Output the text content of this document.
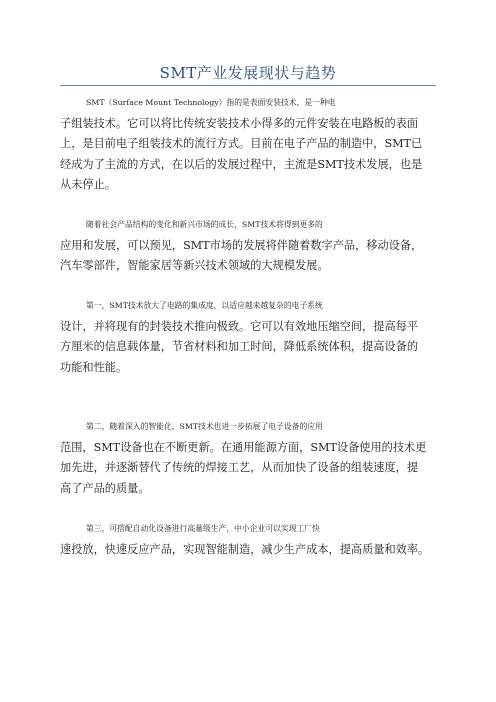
SMT产业发展现状与趋势
SMT（Surface Mount Technology）指的是表面安装技术，是一种电
子组装技术。它可以将比传统安装技术小得多的元件安装在电路板的表面
上，是目前电子组装技术的流行方式。目前在电子产品的制造中，SMT已
经成为了主流的方式，在以后的发展过程中，主流是SMT技术发展，也是
从未停止。
随着社会产品结构的变化和新兴市场的成长，SMT技术将得到更多的
应用和发展，可以预见，SMT市场的发展将伴随着数字产品，移动设备，
汽车零部件，智能家居等新兴技术领域的大规模发展。
第一，SMT技术放大了电路的集成度，以适应越来越复杂的电子系统
设计，并将现有的封装技术推向极致。它可以有效地压缩空间，提高每平
方厘米的信息载体量，节省材料和加工时间，降低系统体积，提高设备的
功能和性能。
第二，随着深入的智能化，SMT技术也进一步拓展了电子设备的应用
范围，SMT设备也在不断更新。在通用能源方面，SMT设备使用的技术更
加先进，并逐渐替代了传统的焊接工艺，从而加快了设备的组装速度，提
高了产品的质量。
第三，可搭配自动化设备进行高量级生产，中小企业可以实现工厂快
速投放，快速反应产品，实现智能制造，减少生产成本，提高质量和效率。
